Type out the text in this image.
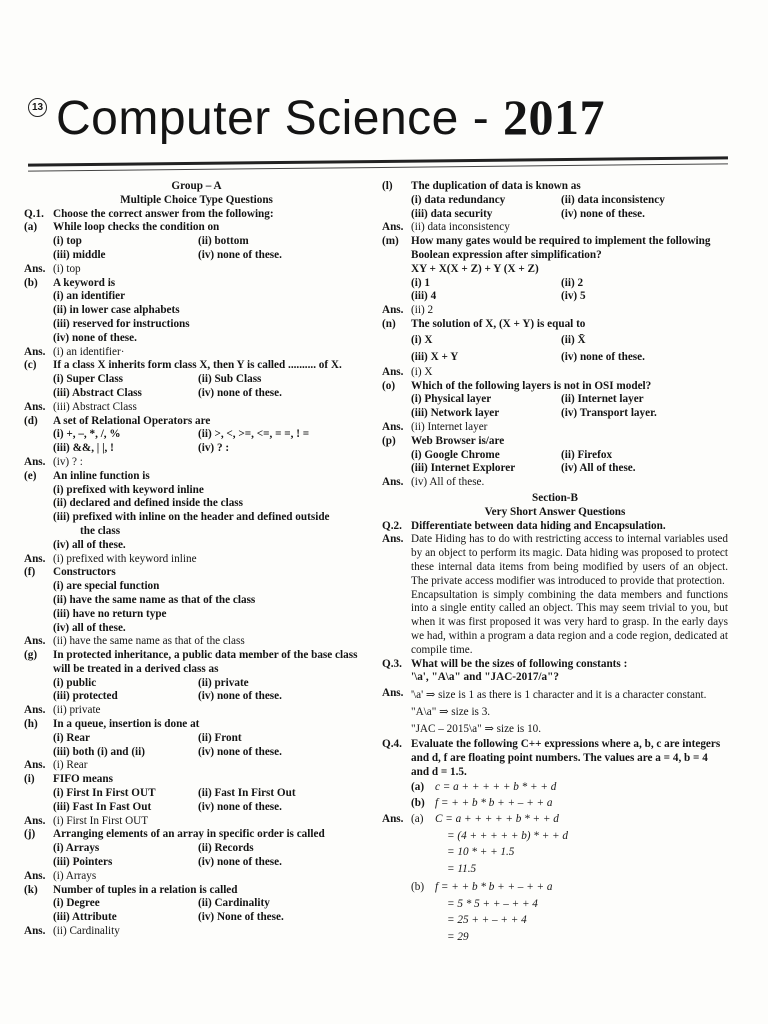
13 Computer Science - 2017
Group – A
Multiple Choice Type Questions
Q.1. Choose the correct answer from the following:
(a)	While loop checks the condition on
(i) top	(ii) bottom
(iii) middle	(iv) none of these.
Ans. (i) top
(b)	A keyword is
(i) an identifier
(ii) in lower case alphabets
(iii) reserved for instructions
(iv) none of these.
Ans. (i) an identifier·
(c)	If a class X inherits form class X, then Y is called .......... of X.
(i) Super Class	(ii) Sub Class
(iii) Abstract Class	(iv) none of these.
Ans. (iii) Abstract Class
(d)	A set of Relational Operators are
(i) +, –, *, /, %	(ii) >, <, >=, <=, = =, ! =
(iii) &&, | |, !	(iv) ? :
Ans. (iv) ? :
(e)	An inline function is
(i) prefixed with keyword inline
(ii) declared and defined inside the class
(iii) prefixed with inline on the header and defined outside
the class
(iv) all of these.
Ans. (i) prefixed with keyword inline
(f)	Constructors
(i) are special function
(ii) have the same name as that of the class
(iii) have no return type
(iv) all of these.
Ans. (ii) have the same name as that of the class
(g)	In protected inheritance, a public data member of the base class will be treated in a derived class as
(i) public	(ii) private
(iii) protected	(iv) none of these.
Ans. (ii) private
(h)	In a queue, insertion is done at
(i) Rear	(ii) Front
(iii) both (i) and (ii)	(iv) none of these.
Ans. (i) Rear
(i)	FIFO means
(i) First In First OUT	(ii) Fast In First Out
(iii) Fast In Fast Out	(iv) none of these.
Ans. (i) First In First OUT
(j)	Arranging elements of an array in specific order is called
(i) Arrays	(ii) Records
(iii) Pointers	(iv) none of these.
Ans. (i) Arrays
(k)	Number of tuples in a relation is called
(i) Degree	(ii) Cardinality
(iii) Attribute	(iv) None of these.
Ans. (ii) Cardinality
(l)	The duplication of data is known as
(i) data redundancy	(ii) data inconsistency
(iii) data security	(iv) none of these.
Ans. (ii) data inconsistency
(m)	How many gates would be required to implement the following Boolean expression after simplification?
XY + X(X + Z) + Y (X + Z)
(i) 1	(ii) 2
(iii) 4	(iv) 5
Ans. (ii) 2
(n)	The solution of X, (X + Y) is equal to
(i) X	(ii) X̄
(iii) X + Y	(iv) none of these.
Ans. (i) X
(o)	Which of the following layers is not in OSI model?
(i) Physical layer	(ii) Internet layer
(iii) Network layer	(iv) Transport layer.
Ans. (ii) Internet layer
(p)	Web Browser is/are
(i) Google Chrome	(ii) Firefox
(iii) Internet Explorer	(iv) All of these.
Ans. (iv) All of these.
Section-B
Very Short Answer Questions
Q.2. Differentiate between data hiding and Encapsulation.
Ans. Date Hiding has to do with restricting access to internal variables used by an object to perform its magic. Data hiding was proposed to protect these internal data items from being modified by users of an object. The private access modifier was introduced to provide that protection.
Encapsultation is simply combining the data members and functions into a single entity called an object. This may seem trivial to you, but when it was first proposed it was very hard to grasp. In the early days we had, within a program a data region and a code region, dedicated at compile time.
Q.3. What will be the sizes of following constants :
'\a', "A\a" and "JAC-2017/a"?
Ans. '\a' ⇒ size is 1 as there is 1 character and it is a character constant.
"A\a" ⇒ size is 3.
"JAC – 2015\a" ⇒ size is 10.
Q.4. Evaluate the following C++ expressions where a, b, c are integers and d, f are floating point numbers. The values are a = 4, b = 4 and d = 1.5.
(a) c = a + + + + + b * + + d
(b) f = + + b * b + + – + + a
Ans. (a)	C = a + + + + + b * + + d
= (4 + + + + + b) * + + d
= 10 * + + 1.5
= 11.5
(b) f = + + b * b + + – + + a
= 5 * 5 + + – + + 4
= 25 + + – + + 4
= 29
